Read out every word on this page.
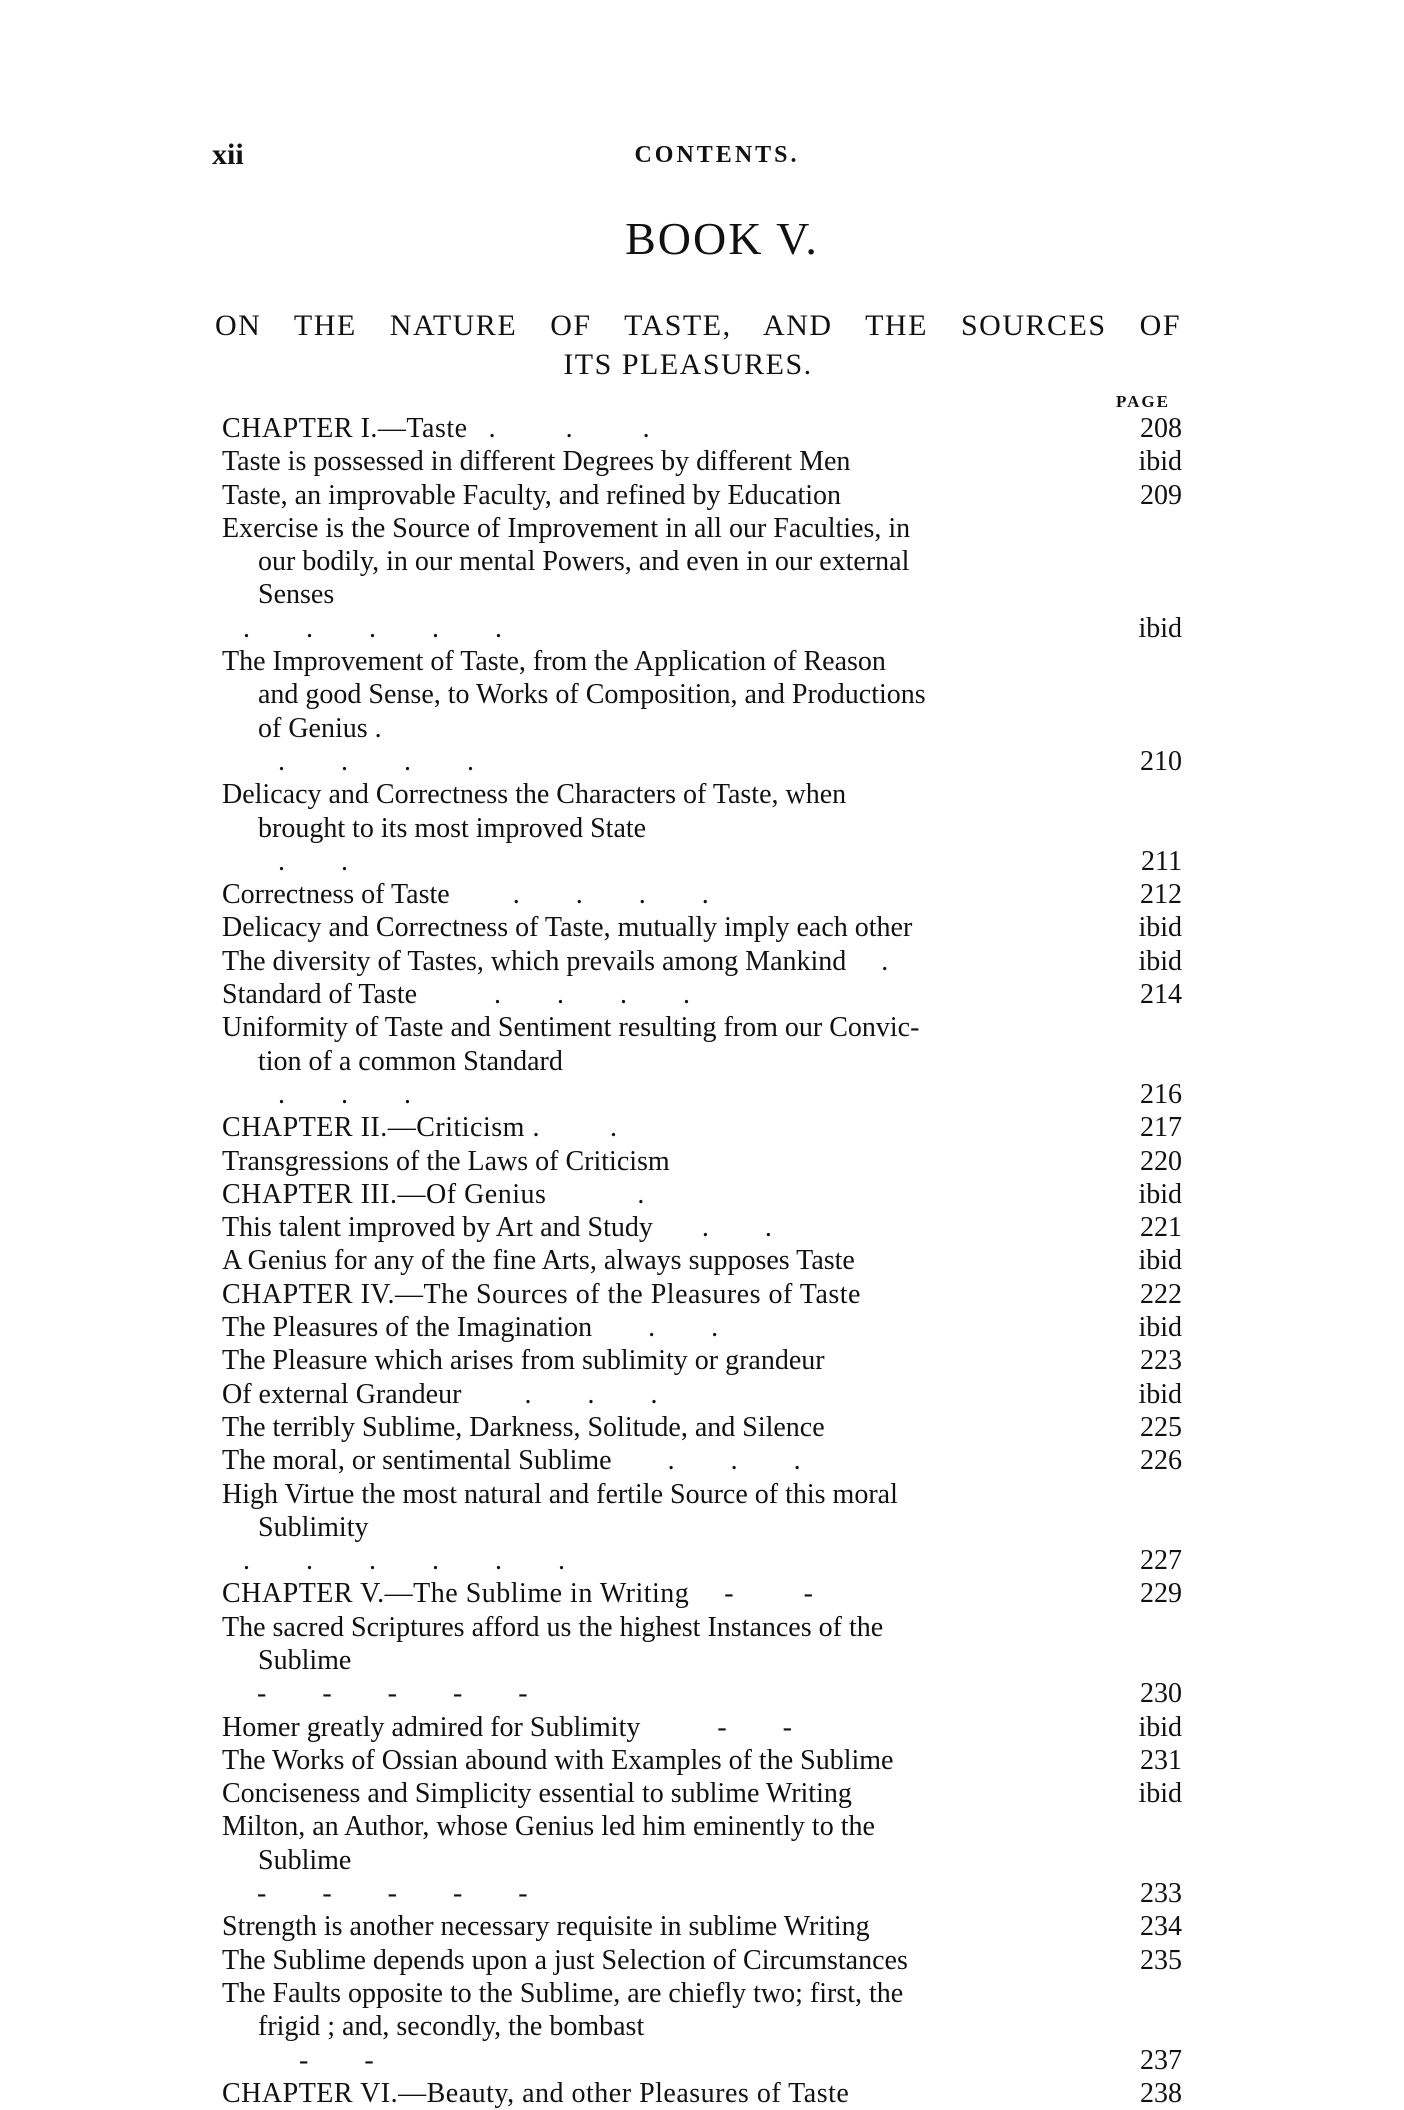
xii	CONTENTS.
BOOK V.
ON THE NATURE OF TASTE, AND THE SOURCES OF
ITS PLEASURES.
PAGE
CHAPTER I.—Taste   .          .          .	208
Taste is possessed in different Degrees by different Men	ibid
Taste, an improvable Faculty, and refined by Education	209
Exercise is the Source of Improvement in all our Faculties, in
our bodily, in our mental Powers, and even in our external
Senses
.        .        .        .        .	ibid
The Improvement of Taste, from the Application of Reason
and good Sense, to Works of Composition, and Productions
of Genius .
.        .        .        .	210
Delicacy and Correctness the Characters of Taste, when
brought to its most improved State
.        .	211
Correctness of Taste         .        .        .        .	212
Delicacy and Correctness of Taste, mutually imply each other	ibid
The diversity of Tastes, which prevails among Mankind     .	ibid
Standard of Taste           .        .        .        .	214
Uniformity of Taste and Sentiment resulting from our Convic-
tion of a common Standard
.        .        .	216
CHAPTER II.—Criticism .          .	217
Transgressions of the Laws of Criticism	220
CHAPTER III.—Of Genius             .	ibid
This talent improved by Art and Study       .        .	221
A Genius for any of the fine Arts, always supposes Taste	ibid
CHAPTER IV.—The Sources of the Pleasures of Taste	222
The Pleasures of the Imagination        .        .	ibid
The Pleasure which arises from sublimity or grandeur	223
Of external Grandeur         .        .        .	ibid
The terribly Sublime, Darkness, Solitude, and Silence	225
The moral, or sentimental Sublime        .        .        .	226
High Virtue the most natural and fertile Source of this moral
Sublimity
.        .        .        .        .        .	227
CHAPTER V.—The Sublime in Writing     -          -	229
The sacred Scriptures afford us the highest Instances of the
Sublime
-        -        -        -        -	230
Homer greatly admired for Sublimity           -        -	ibid
The Works of Ossian abound with Examples of the Sublime	231
Conciseness and Simplicity essential to sublime Writing	ibid
Milton, an Author, whose Genius led him eminently to the
Sublime
-        -        -        -        -	233
Strength is another necessary requisite in sublime Writing	234
The Sublime depends upon a just Selection of Circumstances	235
The Faults opposite to the Sublime, are chiefly two; first, the
frigid ; and, secondly, the bombast
-        -	237
CHAPTER VI.—Beauty, and other Pleasures of Taste	238
